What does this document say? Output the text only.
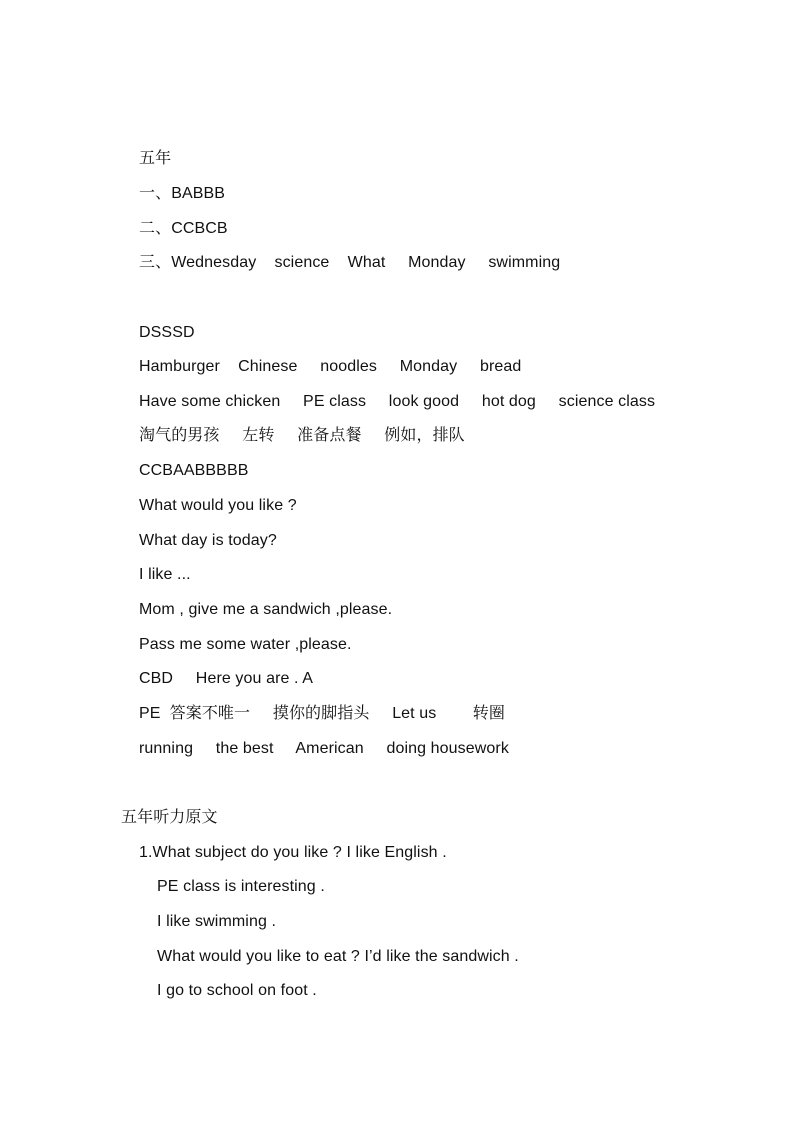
五年
一、BABBB
二、CCBCB
三、Wednesday    science    What     Monday     swimming
DSSSD
Hamburger    Chinese     noodles     Monday     bread
Have some chicken     PE class     look good     hot dog     science class
淘气的男孩     左转     准备点餐     例如，排队
CCBAABBBBB
What would you like ?
What day is today?
I like ...
Mom , give me a sandwich ,please.
Pass me some water ,please.
CBD     Here you are . A
PE  答案不唯一     摸你的脚指头     Let us        转圈
running     the best     American     doing housework
五年听力原文
1.What subject do you like ? I like English .
PE class is interesting .
I like swimming .
What would you like to eat ? I’d like the sandwich .
I go to school on foot .
